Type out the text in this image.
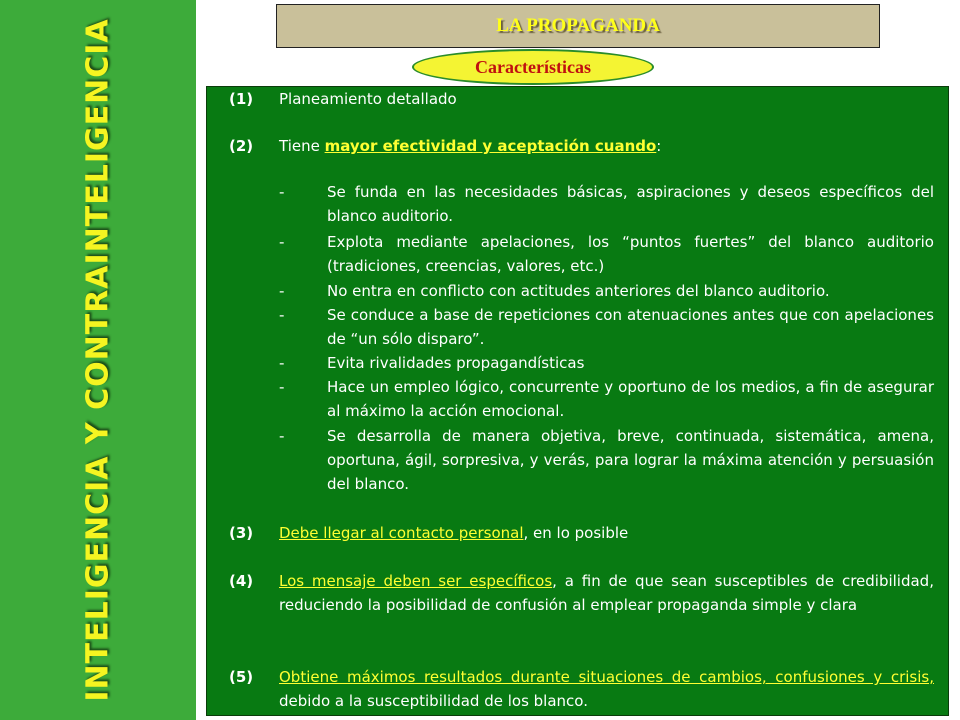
INTELIGENCIA Y CONTRAINTELIGENCIA	LA PROPAGANDA
Características
(1) Planeamiento detallado
(2) Tiene mayor efectividad y aceptación cuando:
-	Se funda en las necesidades básicas, aspiraciones y deseos específicos del blanco auditorio.
-	Explota mediante apelaciones, los “puntos fuertes” del blanco auditorio (tradiciones, creencias, valores, etc.)
-	No entra en conflicto con actitudes anteriores del blanco auditorio.
-	Se conduce a base de repeticiones con atenuaciones antes que con apelaciones de “un sólo disparo”.
-	Evita rivalidades propagandísticas
-	Hace un empleo lógico, concurrente y oportuno de los medios, a fin de asegurar al máximo la acción emocional.
-	Se desarrolla de manera objetiva, breve, continuada, sistemática, amena, oportuna, ágil, sorpresiva, y verás, para lograr la máxima atención y persuasión del blanco.
(3) Debe llegar al contacto personal, en lo posible
(4) Los mensaje deben ser específicos, a fin de que sean susceptibles de credibilidad, reduciendo la posibilidad de confusión al emplear propaganda simple y clara
(5) Obtiene máximos resultados durante situaciones de cambios, confusiones y crisis, debido a la susceptibilidad de los blanco.
